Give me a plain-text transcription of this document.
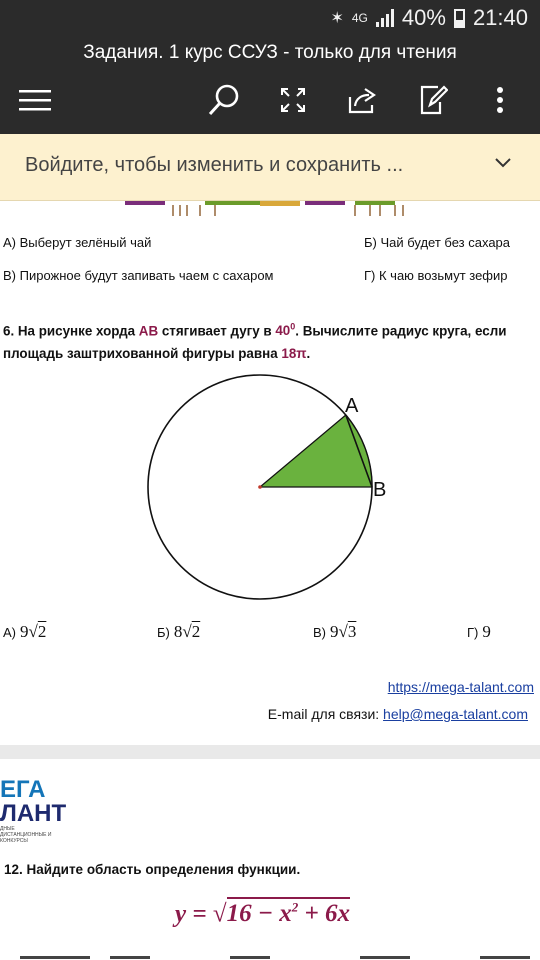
✶ 4G 40% 21:40
Задания. 1 курс ССУЗ - только для чтения
Войдите, чтобы изменить и сохранить ...
А) Выберут зелёный чай	Б) Чай будет без сахара
В) Пирожное будут запивать чаем с сахаром	Г) К чаю возьмут зефир
6. На рисунке хорда AB стягивает дугу в $40^0$. Вычислите радиус круга, если площадь заштрихованной фигуры равна 18π.
A
B
А) 9√2	Б) 8√2	В) 9√3	Г) 9
https://mega-talant.com
E-mail для связи: help@mega-talant.com
ЕГА
ЛАНТ
ДНЫЕ ДИСТАНЦИОННЫЕ И КОНКУРСЫ
12. Найдите область определения функции.
$y = √16 - x^2 + 6x$
